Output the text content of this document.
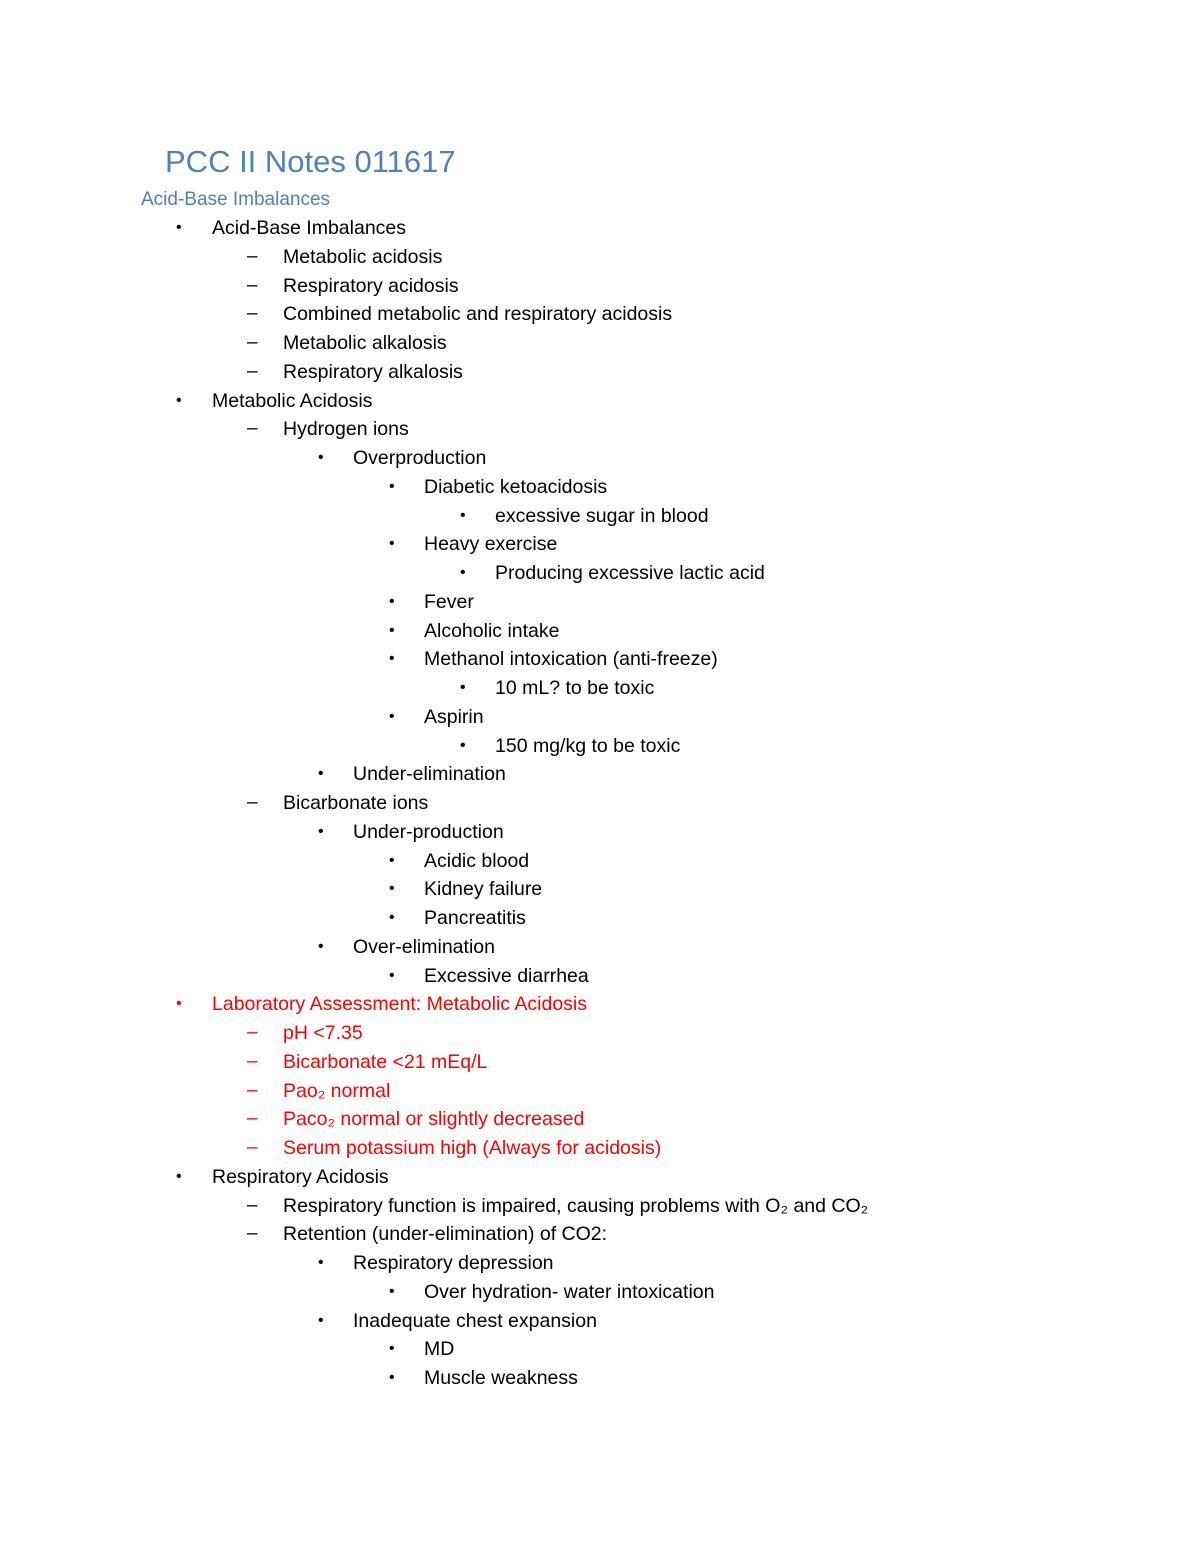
PCC II Notes 011617
Acid-Base Imbalances
• Acid-Base Imbalances
– Metabolic acidosis
– Respiratory acidosis
– Combined metabolic and respiratory acidosis
– Metabolic alkalosis
– Respiratory alkalosis
• Metabolic Acidosis
– Hydrogen ions
• Overproduction
• Diabetic ketoacidosis
• excessive sugar in blood
• Heavy exercise
• Producing excessive lactic acid
• Fever
• Alcoholic intake
• Methanol intoxication (anti-freeze)
• 10 mL? to be toxic
• Aspirin
• 150 mg/kg to be toxic
• Under-elimination
– Bicarbonate ions
• Under-production
• Acidic blood
• Kidney failure
• Pancreatitis
• Over-elimination
• Excessive diarrhea
• Laboratory Assessment: Metabolic Acidosis
– pH <7.35
– Bicarbonate <21 mEq/L
– Pao₂ normal
– Paco₂ normal or slightly decreased
– Serum potassium high (Always for acidosis)
• Respiratory Acidosis
– Respiratory function is impaired, causing problems with O₂ and CO₂
– Retention (under-elimination) of CO2:
• Respiratory depression
• Over hydration- water intoxication
• Inadequate chest expansion
• MD
• Muscle weakness
